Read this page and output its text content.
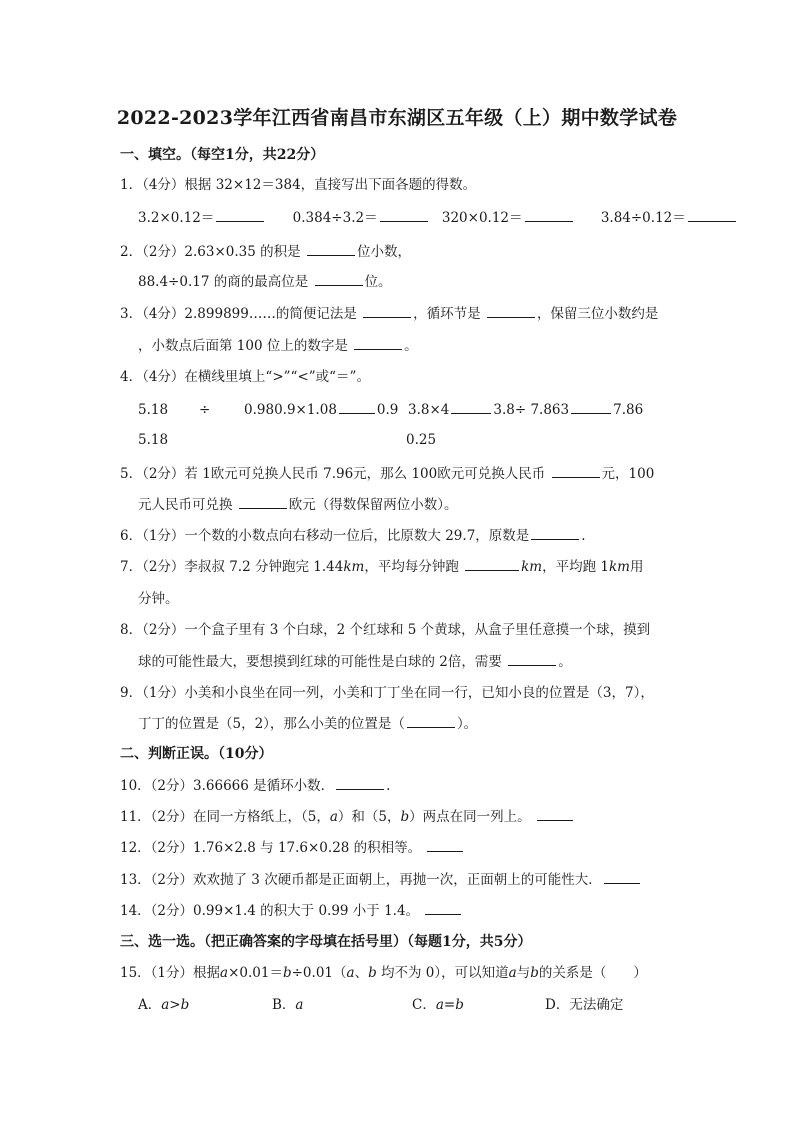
2022-2023学年江西省南昌市东湖区五年级（上）期中数学试卷
一、填空。（每空1分，共22分）
1．（4分）根据 32×12＝384，直接写出下面各题的得数。
3.2×0.12＝	0.384÷3.2＝	320×0.12＝	3.84÷0.12＝
2．（2分）2.63×0.35 的积是	位小数，
88.4÷0.17 的商的最高位是	位。
3．（4分）2.899899……的简便记法是	，循环节是	，保留三位小数约是
，小数点后面第 100 位上的数字是	。
4．（4分）在横线里填上“>”“<”或“＝”。
5.18 ÷ 0.980.9×1.08	0.9 3.8×4	3.8÷ 7.863	7.86
5.18	0.25
5．（2分）若 1欧元可兑换人民币 7.96元，那么 100欧元可兑换人民币	元，100
元人民币可兑换	欧元（得数保留两位小数）。
6．（1分）一个数的小数点向右移动一位后，比原数大 29.7，原数是	.
7．（2分）李叔叔 7.2 分钟跑完 1.44km，平均每分钟跑	km，平均跑 1km用
分钟。
8．（2分）一个盒子里有 3 个白球，2 个红球和 5 个黄球，从盒子里任意摸一个球，摸到
球的可能性最大，要想摸到红球的可能性是白球的 2倍，需要	。
9．（1分）小美和小良坐在同一列，小美和丁丁坐在同一行，已知小良的位置是（3，7），
丁丁的位置是（5，2），那么小美的位置是（	）。
二、判断正误。（10分）
10．（2分）3.66666 是循环小数．	.
11．（2分）在同一方格纸上，（5，a）和（5，b）两点在同一列上。
12．（2分）1.76×2.8 与 17.6×0.28 的积相等。
13．（2分）欢欢抛了 3 次硬币都是正面朝上，再抛一次，正面朝上的可能性大．
14．（2分）0.99×1.4 的积大于 0.99 小于 1.4。
三、选一选。（把正确答案的字母填在括号里）（每题1分，共5分）
15．（1分）根据a×0.01＝b÷0.01（a、b 均不为 0），可以知道a与b的关系是（　　）
A．a>b	B．a	C．a=b	D．无法确定
